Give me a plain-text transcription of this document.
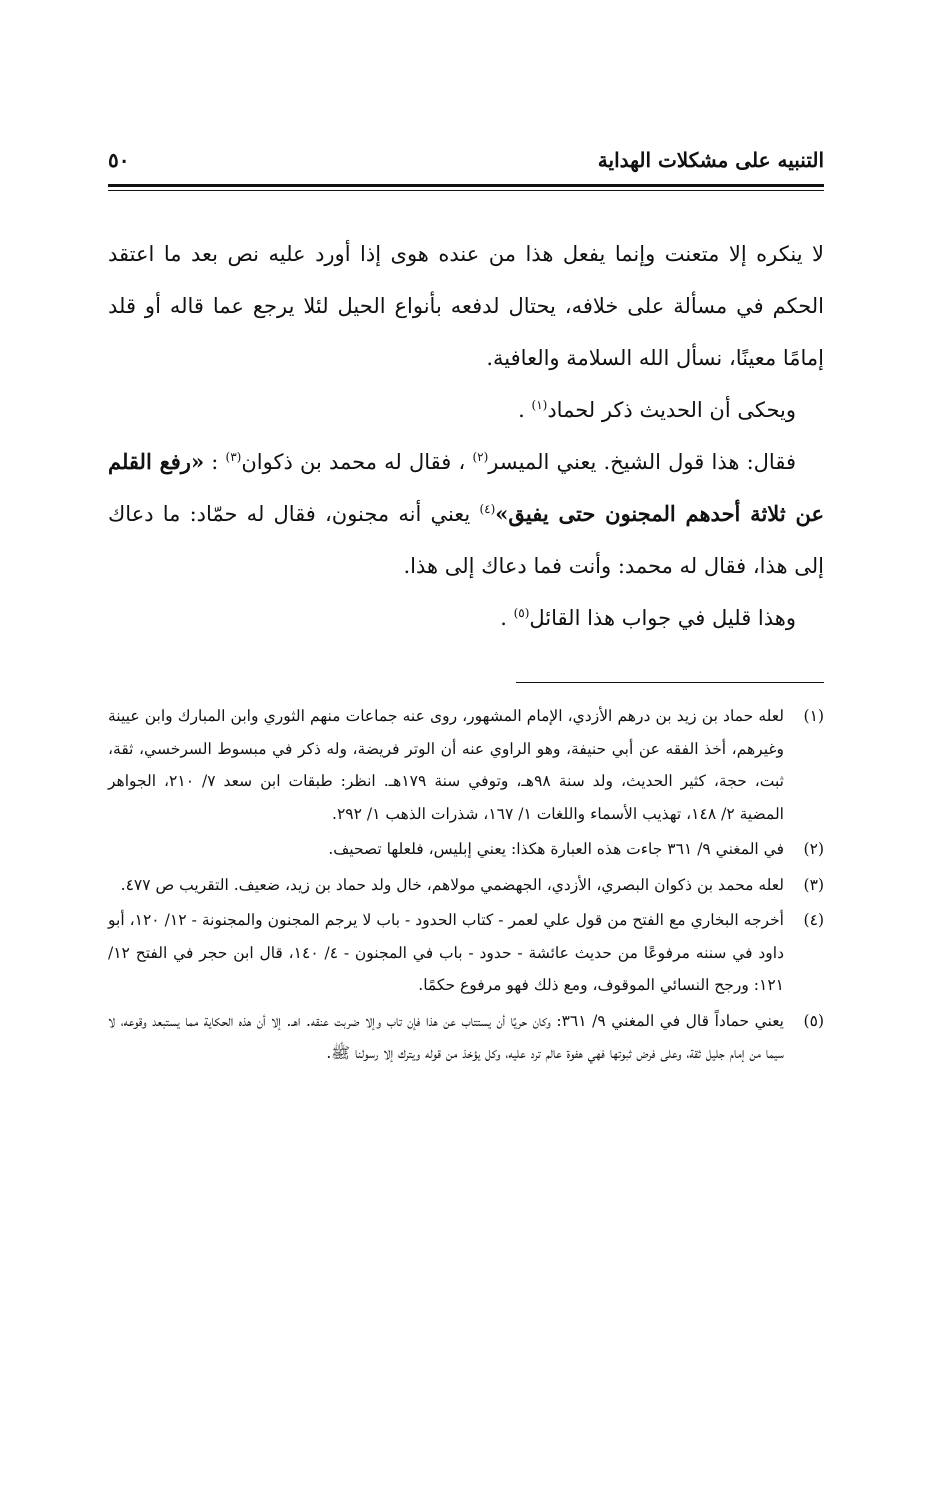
التنبيه على مشكلات الهداية
٥٠

لا ينكره إلا متعنت وإنما يفعل هذا من عنده هوى إذا أورد عليه نص بعد ما اعتقد الحكم في مسألة على خلافه، يحتال لدفعه بأنواع الحيل لئلا يرجع عما قاله أو قلد إمامًا معينًا، نسأل الله السلامة والعافية.

ويحكى أن الحديث ذكر لحماد$^{(١)}$ .

فقال: هذا قول الشيخ. يعني الميسر$^{(٢)}$ ، فقال له محمد بن ذكوان$^{(٣)}$ : «رفع القلم عن ثلاثة أحدهم المجنون حتى يفيق»$^{(٤)}$ يعني أنه مجنون، فقال له حمّاد: ما دعاك إلى هذا، فقال له محمد: وأنت فما دعاك إلى هذا.

وهذا قليل في جواب هذا القائل$^{(٥)}$ .

(١)
لعله حماد بن زيد بن درهم الأزدي، الإمام المشهور، روى عنه جماعات منهم الثوري وابن المبارك وابن عيينة وغيرهم، أخذ الفقه عن أبي حنيفة، وهو الراوي عنه أن الوتر فريضة، وله ذكر في مبسوط السرخسي، ثقة، ثبت، حجة، كثير الحديث، ولد سنة ٩٨هـ، وتوفي سنة ١٧٩هـ. انظر: طبقات ابن سعد ٧/ ٢١٠، الجواهر المضية ٢/ ١٤٨، تهذيب الأسماء واللغات ١/ ١٦٧، شذرات الذهب ١/ ٢٩٢.
(٢)
في المغني ٩/ ٣٦١ جاءت هذه العبارة هكذا: يعني إبليس، فلعلها تصحيف.
(٣)
لعله محمد بن ذكوان البصري، الأزدي، الجهضمي مولاهم، خال ولد حماد بن زيد، ضعيف. التقريب ص ٤٧٧.
(٤)
أخرجه البخاري مع الفتح من قول علي لعمر - كتاب الحدود - باب لا يرجم المجنون والمجنونة - ١٢/ ١٢٠، أبو داود في سننه مرفوعًا من حديث عائشة - حدود - باب في المجنون - ٤/ ١٤٠، قال ابن حجر في الفتح ١٢/ ١٢١: ورجح النسائي الموقوف، ومع ذلك فهو مرفوع حكمًا.
(٥)
يعني حماداً قال في المغني ٩/ ٣٦١: وكان حريًا أن يستتاب عن هذا فإن تاب وإلا ضربت عنقه. اهـ. إلا أن هذه الحكاية مما يستبعد وقوعه، لا سيما من إمام جليل ثقة، وعلى فرض ثبوتها فهي هفوة عالم ترد عليه، وكل يؤخذ من قوله ويترك إلا رسولنا ﷺ.
